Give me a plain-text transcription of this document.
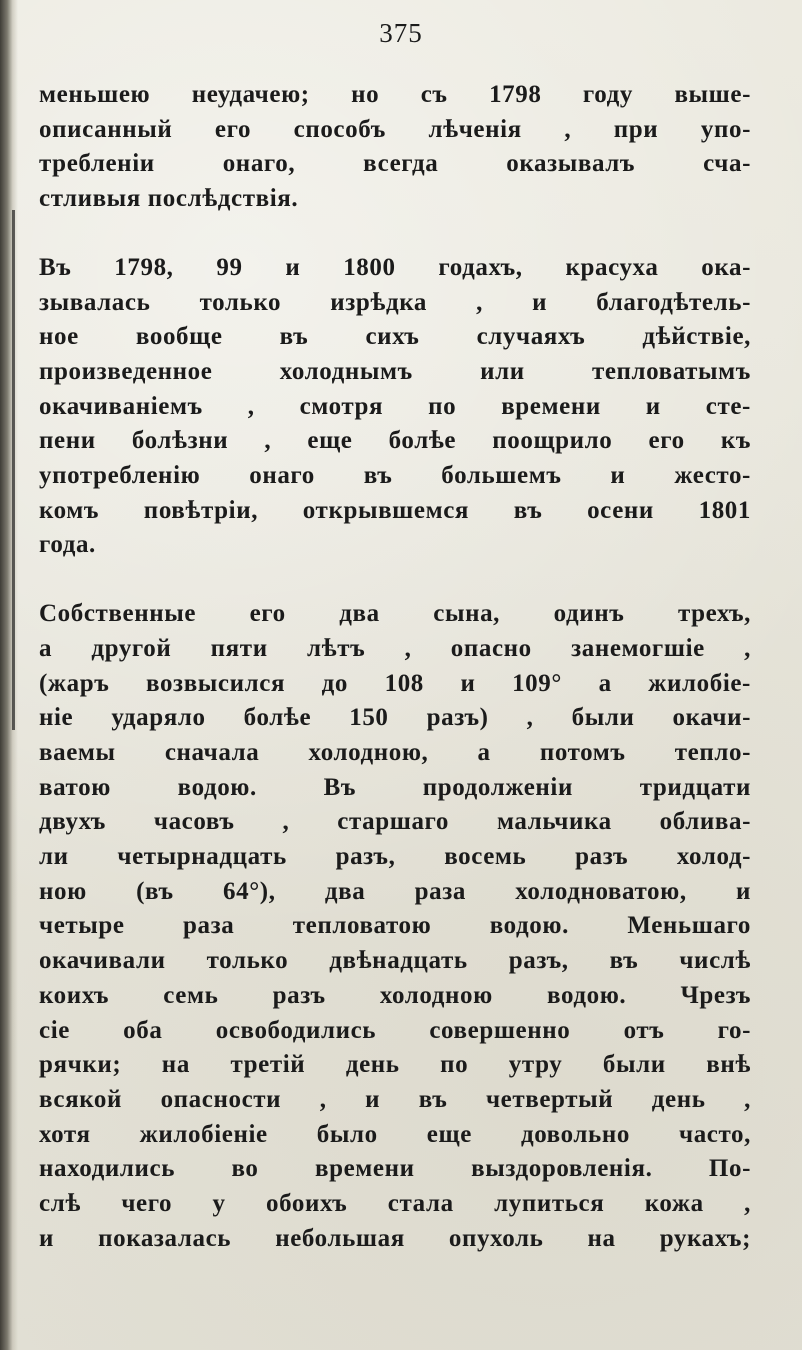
375
меньшею неудачею; но съ 1798 году выше-
описанный его способъ лѣченія , при упо-
требленіи онаго, всегда оказывалъ сча-
стливыя послѣдствія.
Въ 1798, 99 и 1800 годахъ, красуха ока-
зывалась только изрѣдка , и благодѣтель-
ное вообще въ сихъ случаяхъ дѣйствіе,
произведенное холоднымъ или тепловатымъ
окачиваніемъ , смотря по времени и сте-
пени болѣзни , еще болѣе поощрило его къ
употребленію онаго въ большемъ и жесто-
комъ повѣтріи, открывшемся въ осени 1801
года.
Собственные его два сына, одинъ трехъ,
а другой пяти лѣтъ , опасно занемогшіе ,
(жаръ возвысился до 108 и 109° а жилобіе-
ніе ударяло болѣе 150 разъ) , были окачи-
ваемы сначала холодною, а потомъ тепло-
ватою водою. Въ продолженіи тридцати
двухъ часовъ , старшаго мальчика облива-
ли четырнадцать разъ, восемь разъ холод-
ною (въ 64°), два раза холодноватою, и
четыре раза тепловатою водою. Меньшаго
окачивали только двѣнадцать разъ, въ числѣ
коихъ семь разъ холодною водою. Чрезъ
сіе оба освободились совершенно отъ го-
рячки; на третій день по утру были внѣ
всякой опасности , и въ четвертый день ,
хотя жилобіеніе было еще довольно часто,
находились во времени выздоровленія. По-
слѣ чего у обоихъ стала лупиться кожа ,
и показалась небольшая опухоль на рукахъ;
